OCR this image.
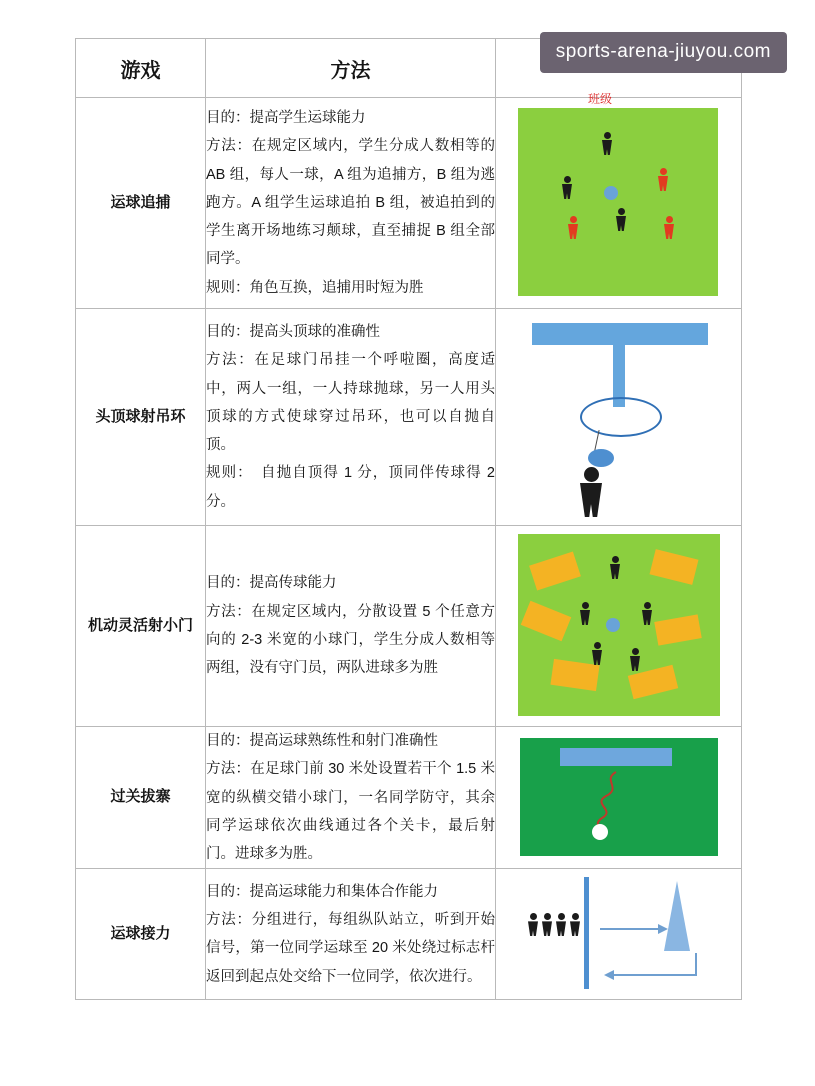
sports-arena-jiuyou.com
游戏	方法	
运球追捕	目的：提高学生运球能力

方法：在规定区域内，学生分成人数相等的 AB 组，每人一球，A 组为追捕方，B 组为逃跑方。A 组学生运球追拍 B 组，被追拍到的学生离开场地练习颠球，直至捕捉 B 组全部同学。

规则：角色互换，追捕用时短为胜	班级

头顶球射吊环	目的：提高头顶球的准确性

方法：在足球门吊挂一个呼啦圈，高度适中，两人一组，一人持球抛球，另一人用头顶球的方式使球穿过吊环，也可以自抛自顶。

规则：　自抛自顶得 1 分，顶同伴传球得 2 分。	

机动灵活射小门	目的：提高传球能力

方法：在规定区域内，分散设置 5 个任意方向的 2-3 米宽的小球门，学生分成人数相等两组，没有守门员，两队进球多为胜	

过关拔寨	目的：提高运球熟练性和射门准确性

方法：在足球门前 30 米处设置若干个 1.5 米宽的纵横交错小球门，一名同学防守，其余同学运球依次曲线通过各个关卡，最后射门。进球多为胜。

运球接力	目的：提高运球能力和集体合作能力

方法：分组进行，每组纵队站立，听到开始信号，第一位同学运球至 20 米处绕过标志杆返回到起点处交给下一位同学，依次进行。
